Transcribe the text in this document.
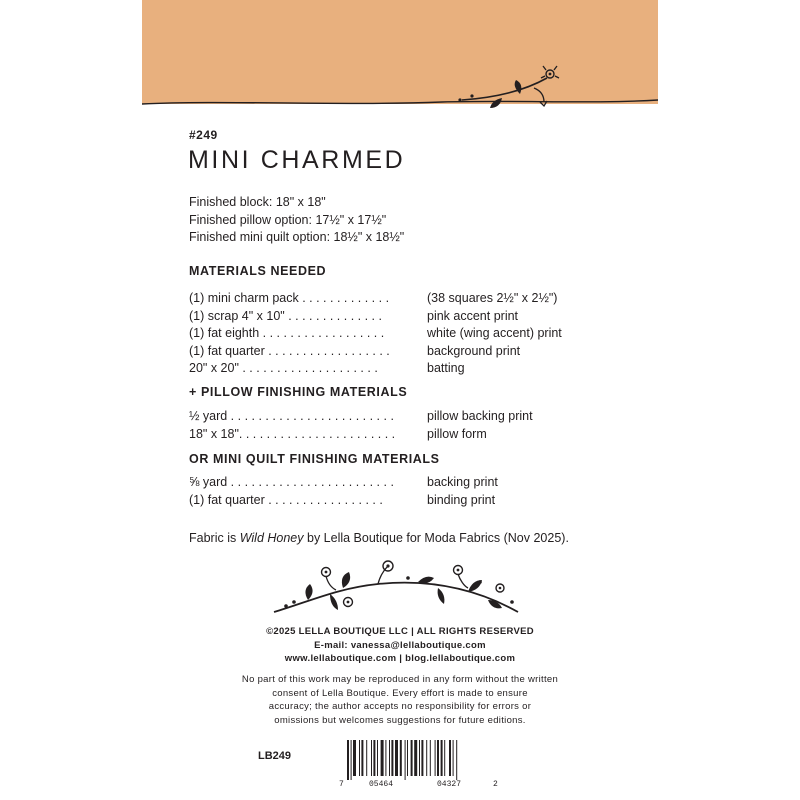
#249
MINI CHARMED
Finished block: 18" x 18"
Finished pillow option: 17½" x 17½"
Finished mini quilt option: 18½" x 18½"
MATERIALS NEEDED
(1) mini charm pack . . . . . . . . . . . . .	(38 squares 2½" x 2½")
(1) scrap 4" x 10" . . . . . . . . . . . . . .	pink accent print
(1) fat eighth . . . . . . . . . . . . . . . . . .	white (wing accent) print
(1) fat quarter . . . . . . . . . . . . . . . . . .	background print
20" x 20" . . . . . . . . . . . . . . . . . . . .	batting
+ PILLOW FINISHING MATERIALS
½ yard . . . . . . . . . . . . . . . . . . . . . . . .	pillow backing print
18" x 18". . . . . . . . . . . . . . . . . . . . . . .	pillow form
OR MINI QUILT FINISHING MATERIALS
⅝ yard . . . . . . . . . . . . . . . . . . . . . . . .	backing print
(1) fat quarter . . . . . . . . . . . . . . . . .	binding print
Fabric is Wild Honey by Lella Boutique for Moda Fabrics (Nov 2025).
©2025 LELLA BOUTIQUE LLC | ALL RIGHTS RESERVED
E-mail: vanessa@lellaboutique.com
www.lellaboutique.com | blog.lellaboutique.com
No part of this work may be reproduced in any form without the written
consent of Lella Boutique. Every effort is made to ensure
accuracy; the author accepts no responsibility for errors or
omissions but welcomes suggestions for future editions.
LB249
7	05464	04327	2
